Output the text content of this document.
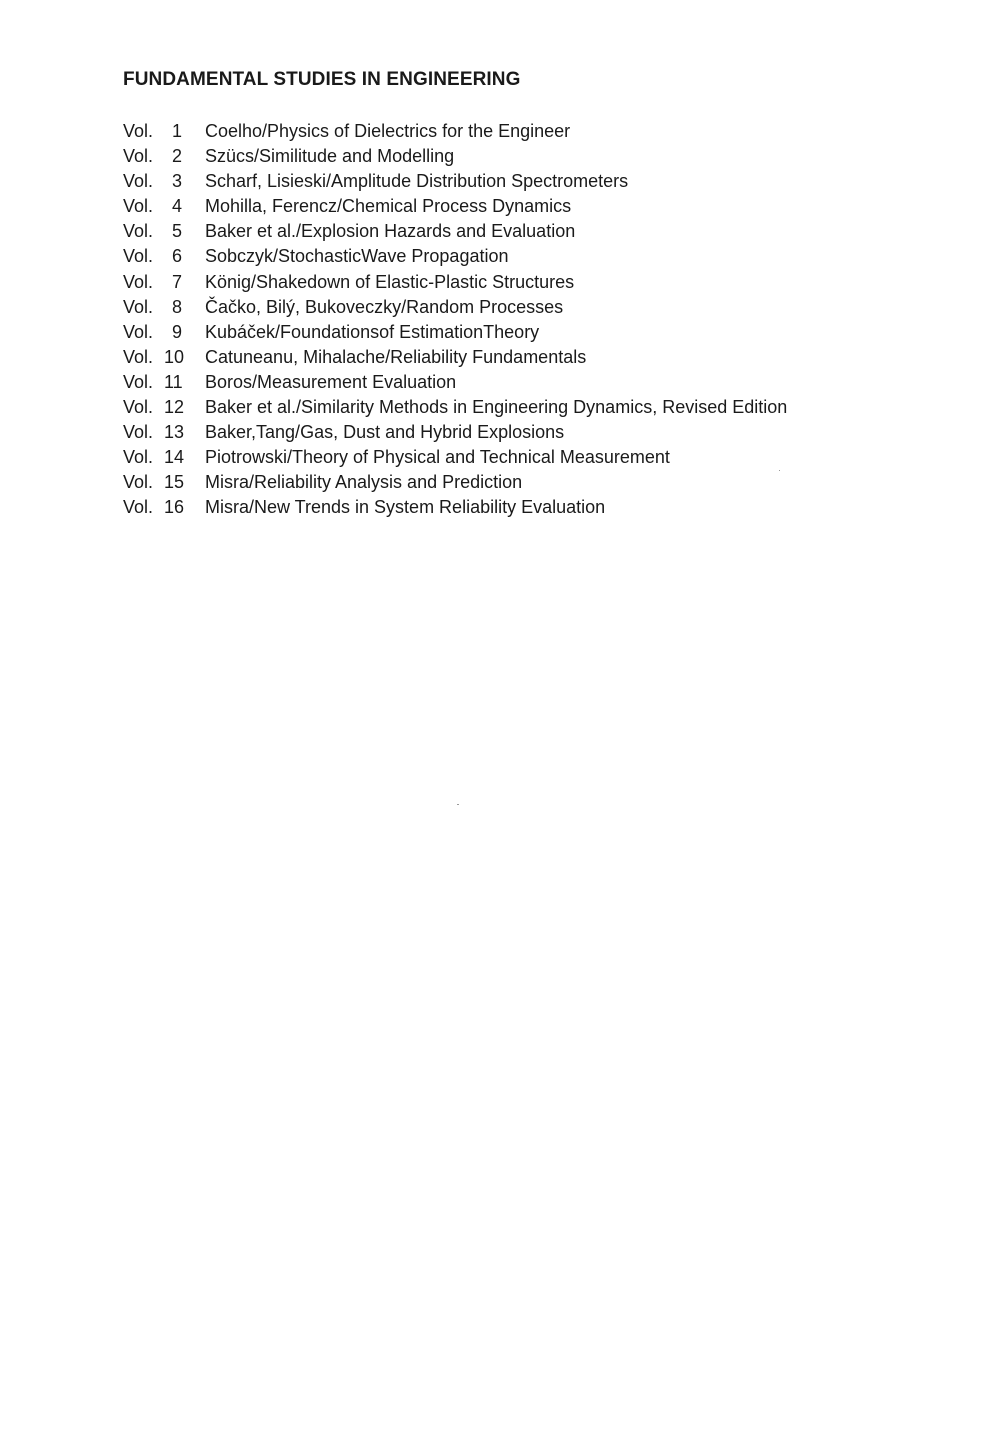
FUNDAMENTAL STUDIES IN ENGINEERING
Vol.	1 Coelho/Physics of Dielectrics for the Engineer
Vol.	2 Szücs/Similitude and Modelling
Vol.	3 Scharf, Lisieski/Amplitude Distribution Spectrometers
Vol.	4 Mohilla, Ferencz/Chemical Process Dynamics
Vol.	5 Baker et al./Explosion Hazards and Evaluation
Vol.	6 Sobczyk/StochasticWave Propagation
Vol.	7 König/Shakedown of Elastic-Plastic Structures
Vol.	8 Čačko, Bilý, Bukoveczky/Random Processes
Vol.	9 Kubáček/Foundationsof EstimationTheory
Vol. 10 Catuneanu, Mihalache/Reliability Fundamentals
Vol. 11 Boros/Measurement Evaluation
Vol. 12 Baker et al./Similarity Methods in Engineering Dynamics, Revised Edition
Vol. 13 Baker,Tang/Gas, Dust and Hybrid Explosions
Vol. 14 Piotrowski/Theory of Physical and Technical Measurement
Vol. 15 Misra/Reliability Analysis and Prediction
Vol. 16 Misra/New Trends in System Reliability Evaluation
